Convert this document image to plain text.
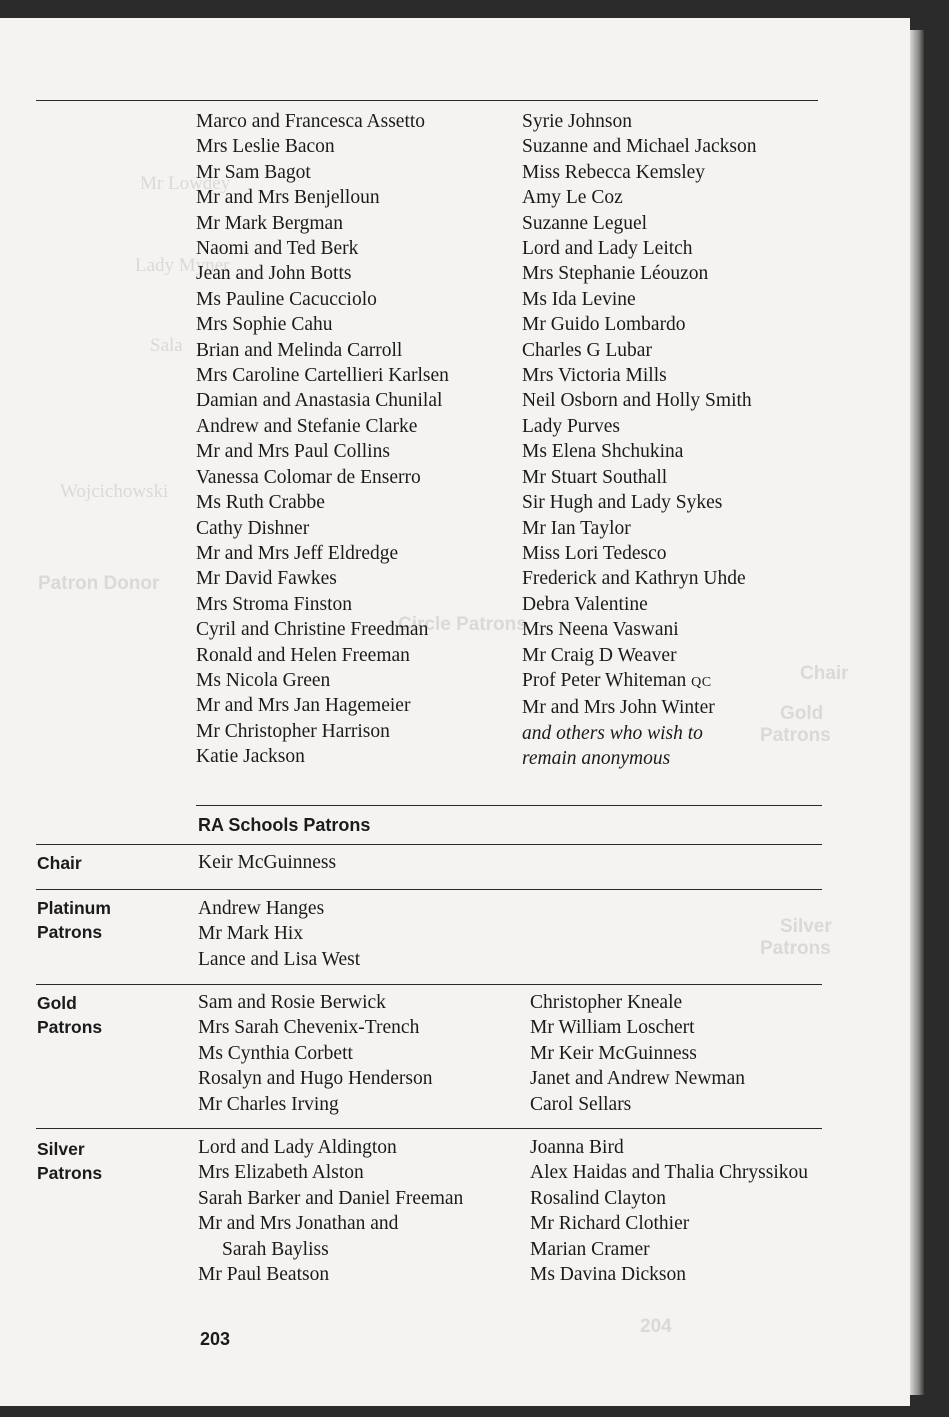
Mr Lowdey
Lady Myner
Sala
Wojcichowski
Patron Donor
Circle Patrons
Chair
Gold
Patrons
Silver
Patrons
204
Marco and Francesca Assetto
Mrs Leslie Bacon
Mr Sam Bagot
Mr and Mrs Benjelloun
Mr Mark Bergman
Naomi and Ted Berk
Jean and John Botts
Ms Pauline Cacucciolo
Mrs Sophie Cahu
Brian and Melinda Carroll
Mrs Caroline Cartellieri Karlsen
Damian and Anastasia Chunilal
Andrew and Stefanie Clarke
Mr and Mrs Paul Collins
Vanessa Colomar de Enserro
Ms Ruth Crabbe
Cathy Dishner
Mr and Mrs Jeff Eldredge
Mr David Fawkes
Mrs Stroma Finston
Cyril and Christine Freedman
Ronald and Helen Freeman
Ms Nicola Green
Mr and Mrs Jan Hagemeier
Mr Christopher Harrison
Katie Jackson
Syrie Johnson
Suzanne and Michael Jackson
Miss Rebecca Kemsley
Amy Le Coz
Suzanne Leguel
Lord and Lady Leitch
Mrs Stephanie Léouzon
Ms Ida Levine
Mr Guido Lombardo
Charles G Lubar
Mrs Victoria Mills
Neil Osborn and Holly Smith
Lady Purves
Ms Elena Shchukina
Mr Stuart Southall
Sir Hugh and Lady Sykes
Mr Ian Taylor
Miss Lori Tedesco
Frederick and Kathryn Uhde
Debra Valentine
Mrs Neena Vaswani
Mr Craig D Weaver
Prof Peter Whiteman QC
Mr and Mrs John Winter
and others who wish to
remain anonymous

RA Schools Patrons

Chair	Keir McGuinness

Platinum
Patrons

Andrew Hanges
Mr Mark Hix
Lance and Lisa West

Gold
Patrons

Sam and Rosie Berwick
Mrs Sarah Chevenix-Trench
Ms Cynthia Corbett
Rosalyn and Hugo Henderson
Mr Charles Irving
Christopher Kneale
Mr William Loschert
Mr Keir McGuinness
Janet and Andrew Newman
Carol Sellars

Silver
Patrons

Lord and Lady Aldington
Mrs Elizabeth Alston
Sarah Barker and Daniel Freeman
Mr and Mrs Jonathan and
Sarah Bayliss
Mr Paul Beatson
Joanna Bird
Alex Haidas and Thalia Chryssikou
Rosalind Clayton
Mr Richard Clothier
Marian Cramer
Ms Davina Dickson

203
